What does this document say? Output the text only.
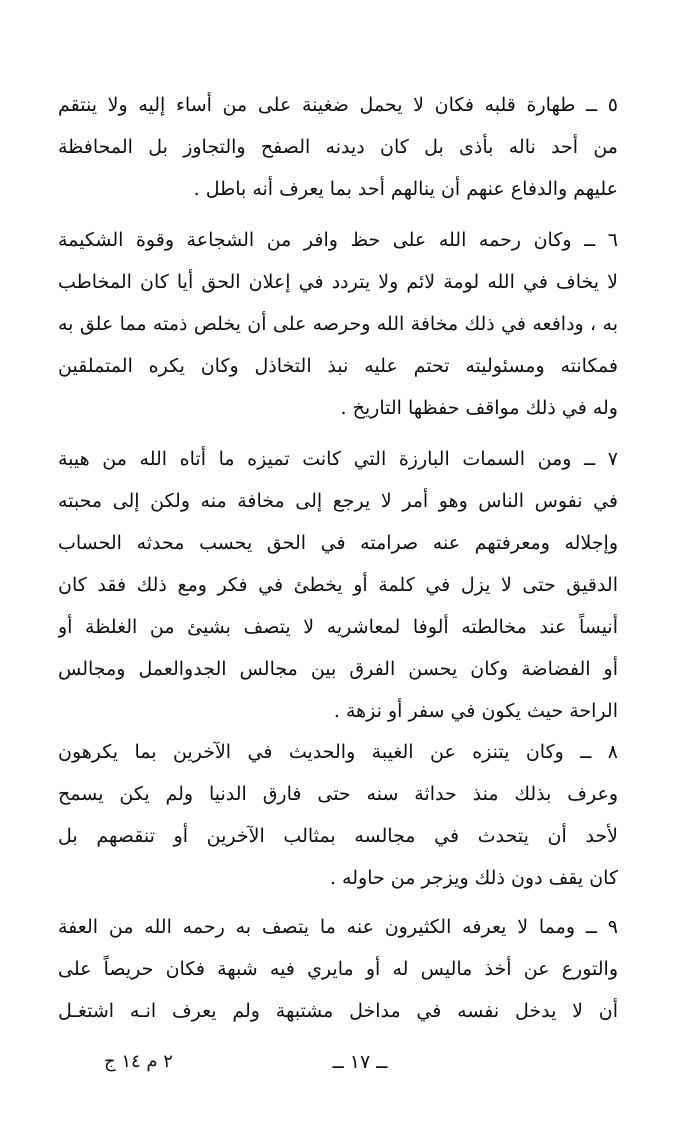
٥ ــ طهارة قلبه فكان لا يحمل ضغينة على من أساء إليه ولا ينتقم
من أحد ناله بأذى بل كان ديدنه الصفح والتجاوز بل المحافظة
عليهم والدفاع عنهم أن ينالهم أحد بما يعرف أنه باطل .
٦ ــ وكان رحمه الله على حظ وافر من الشجاعة وقوة الشكيمة
لا يخاف في الله لومة لائم ولا يتردد في إعلان الحق أيا كان المخاطب
به ، ودافعه في ذلك مخافة الله وحرصه على أن يخلص ذمته مما علق به
فمكانته ومسئوليته تحتم عليه نبذ التخاذل وكان يكره المتملقين
وله في ذلك مواقف حفظها التاريخ .
٧ ــ ومن السمات البارزة التي كانت تميزه ما أتاه الله من هيبة
في نفوس الناس وهو أمر لا يرجع إلى مخافة منه ولكن إلى محبته
وإجلاله ومعرفتهم عنه صرامته في الحق يحسب محدثه الحساب
الدقيق حتى لا يزل في كلمة أو يخطئ في فكر ومع ذلك فقد كان
أنيساً عند مخالطته ألوفا لمعاشريه لا يتصف بشيئ من الغلظة أو
أو الفضاضة وكان يحسن الفرق بين مجالس الجدوالعمل ومجالس
الراحة حيث يكون في سفر أو نزهة .
٨ ــ وكان يتنزه عن الغيبة والحديث في الآخرين بما يكرهون
وعرف بذلك منذ حداثة سنه حتى فارق الدنيا ولم يكن يسمح
لأحد أن يتحدث في مجالسه بمثالب الآخرين أو تنقصهم بل
كان يقف دون ذلك ويزجر من حاوله .
٩ ــ ومما لا يعرفه الكثيرون عنه ما يتصف به رحمه الله من العفة
والتورع عن أخذ ماليس له أو مايري فيه شبهة فكان حريصاً على
أن لا يدخل نفسه في مداخل مشتبهة ولم يعرف انـه اشتغـل
ــ ١٧ ــ
٢ م ١٤ ج
